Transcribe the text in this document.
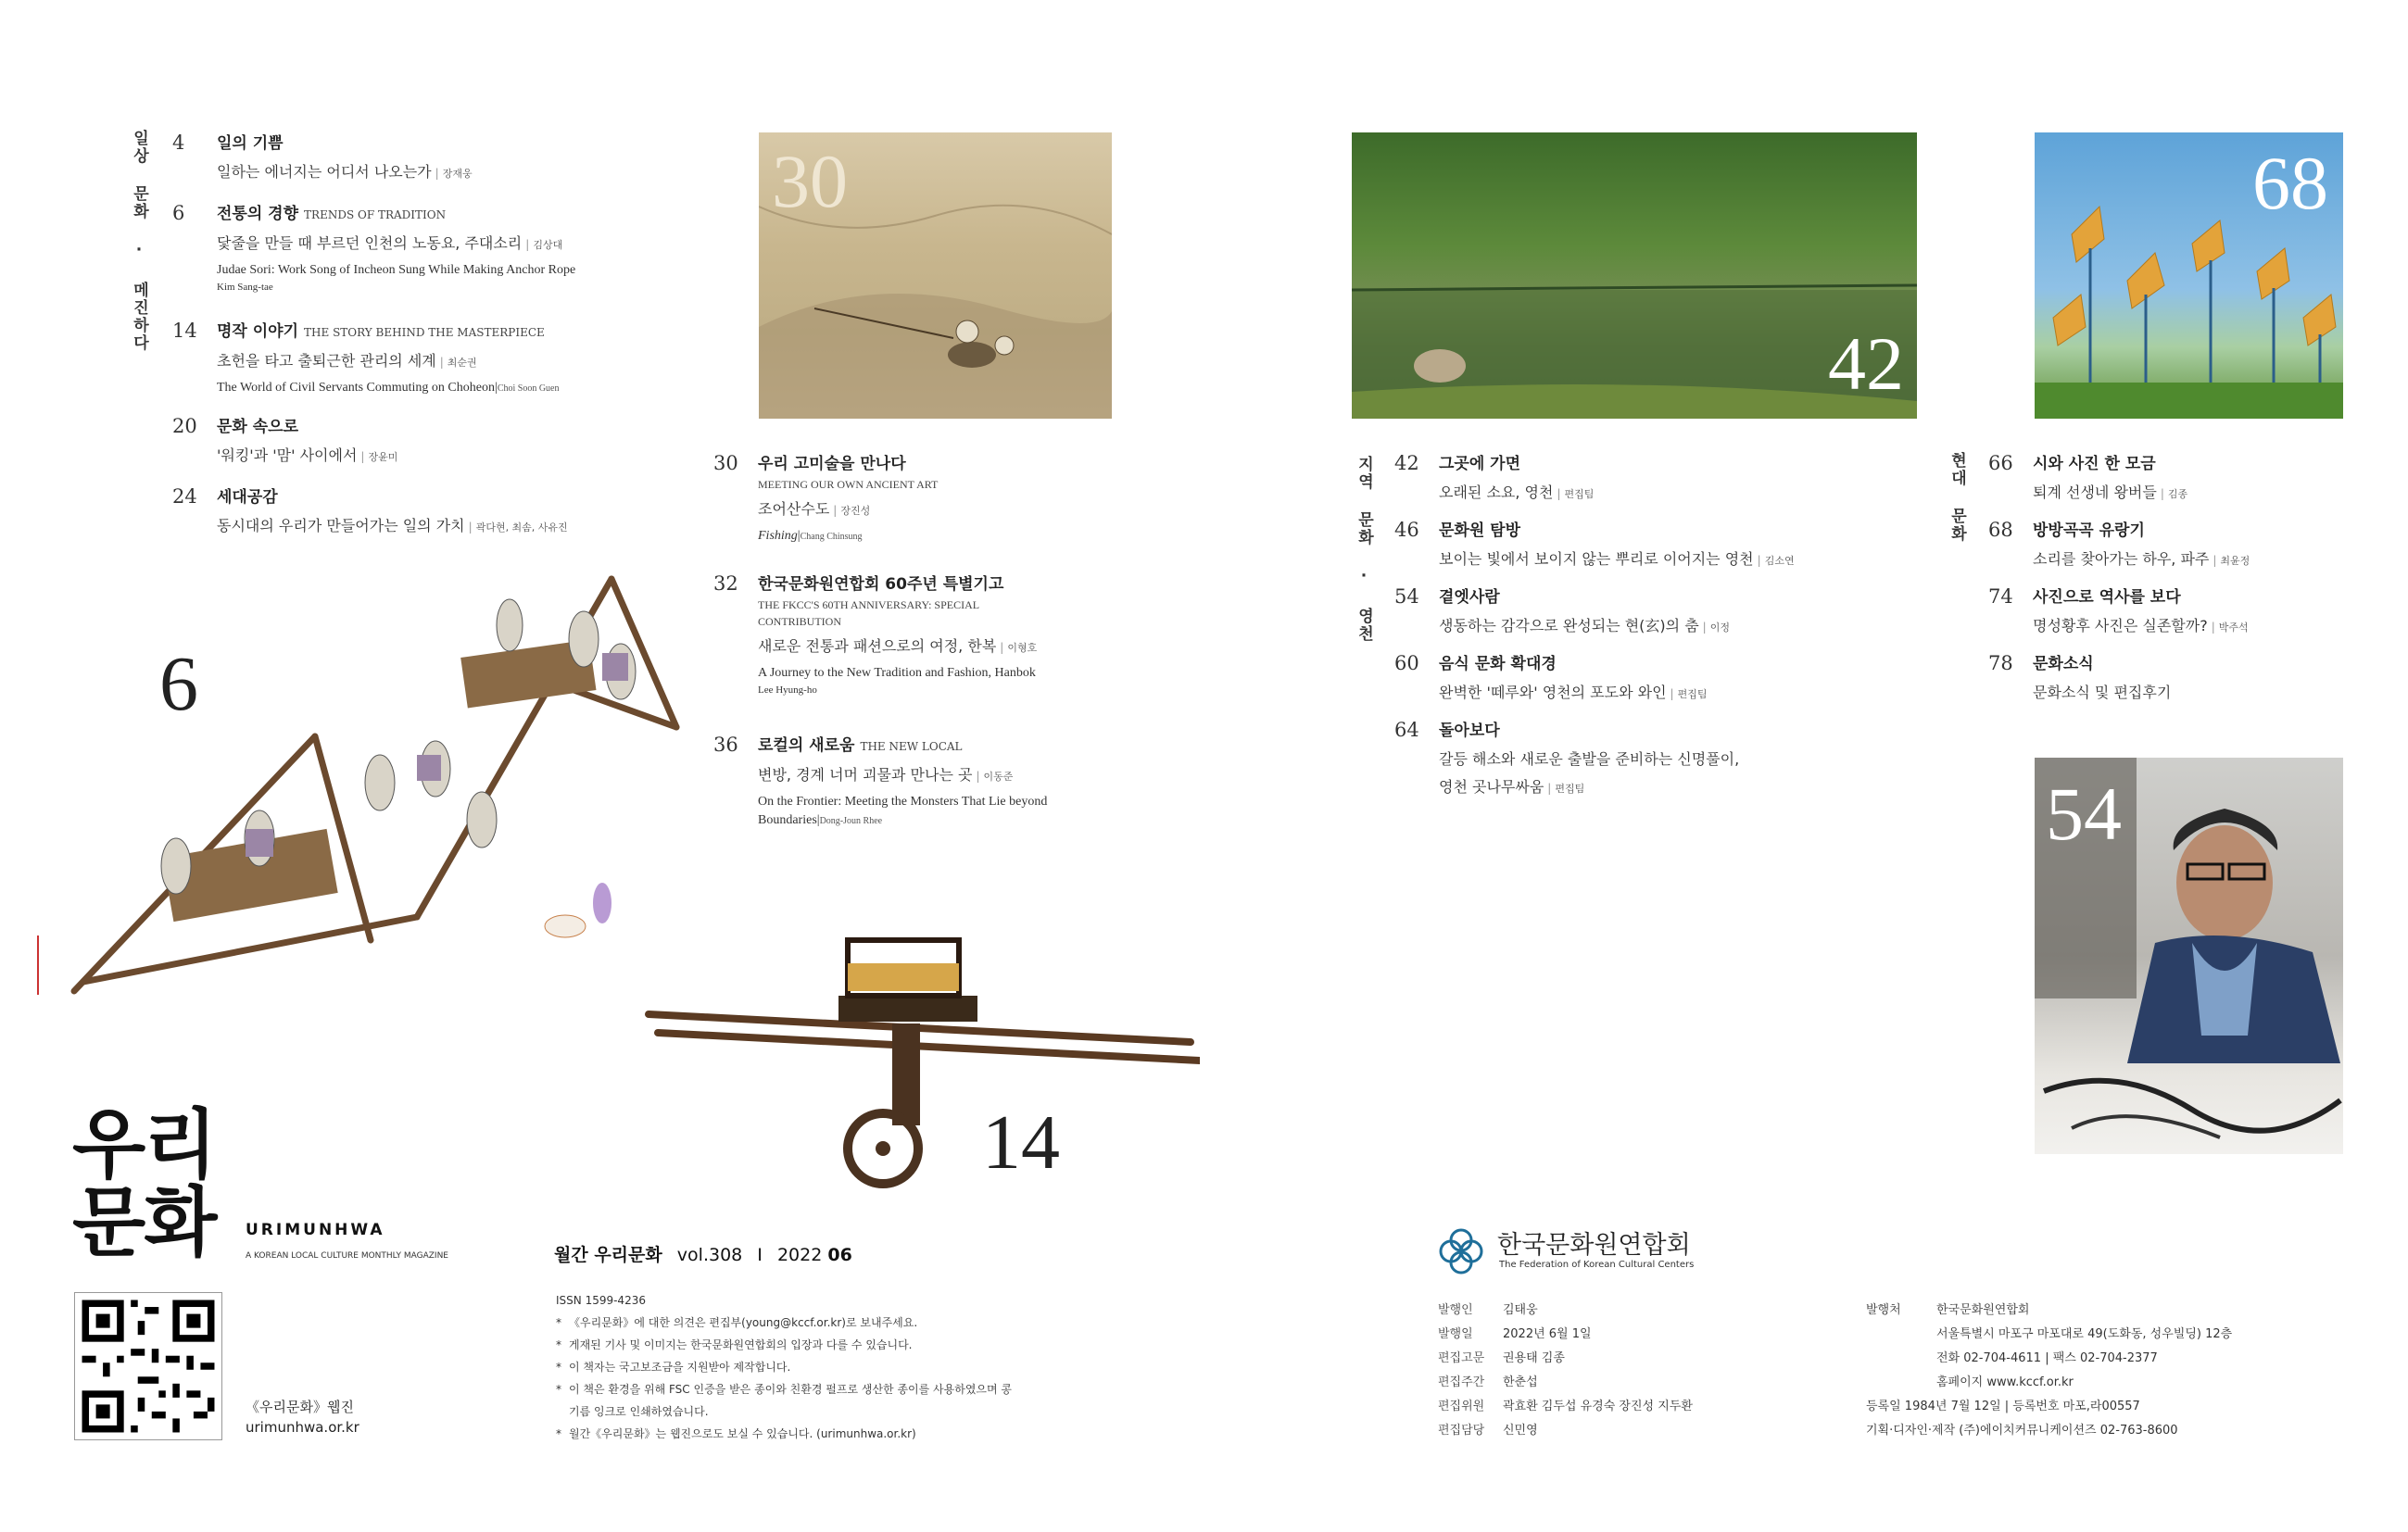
일상 문화 · 메진하다 4 일의 기쁨
일하는 에너지는 어디서 나오는가 | 장재웅
6 전통의 경향 TRENDS OF TRADITION
닻줄을 만들 때 부르던 인천의 노동요, 주대소리 | 김상대
Judae Sori: Work Song of Incheon Sung While Making Anchor Rope
Kim Sang-tae
14 명작 이야기 THE STORY BEHIND THE MASTERPIECE
초헌을 타고 출퇴근한 관리의 세계 | 최순권
The World of Civil Servants Commuting on Choheon|Choi Soon Guen
20 문화 속으로
'워킹'과 '맘' 사이에서 | 장윤미
24 세대공감
동시대의 우리가 만들어가는 일의 가치 | 곽다현, 최솜, 사유진
6
30
30 우리 고미술을 만나다
MEETING OUR OWN ANCIENT ART
조어산수도 | 장진성
Fishing|Chang Chinsung
32 한국문화원연합회 60주년 특별기고
THE FKCC'S 60TH ANNIVERSARY: SPECIAL CONTRIBUTION
새로운 전통과 패션으로의 여정, 한복 | 이형호
A Journey to the New Tradition and Fashion, Hanbok
Lee Hyung-ho
36 로컬의 새로움 THE NEW LOCAL
변방, 경계 너머 괴물과 만나는 곳 | 이동준
On the Frontier: Meeting the Monsters That Lie beyond Boundaries|Dong-Joun Rhee
14
42
지역 문화 · 영천 42 그곳에 가면
오래된 소요, 영천 | 편집팀
46 문화원 탐방
보이는 빛에서 보이지 않는 뿌리로 이어지는 영천 | 김소연
54 곁엣사람
생동하는 감각으로 완성되는 현(玄)의 춤 | 이정
60 음식 문화 확대경
완벽한 '떼루와' 영천의 포도와 와인 | 편집팀
64 돌아보다
갈등 해소와 새로운 출발을 준비하는 신명풀이,
영천 곳나무싸움 | 편집팀
68
현대 문화 66 시와 사진 한 모금
퇴계 선생네 왕버들 | 김종
68 방방곡곡 유랑기
소리를 찾아가는 하우, 파주 | 최윤정
74 사진으로 역사를 보다
명성황후 사진은 실존할까? | 박주석
78 문화소식
문화소식 및 편집후기
54
우리
문화 URIMUNHWA
A KOREAN LOCAL CULTURE MONTHLY MAGAZINE	월간 우리문화 vol.308 I 2022 06
《우리문화》웹진
urimunhwa.or.kr
ISSN 1599-4236
* 《우리문화》에 대한 의견은 편집부(young@kccf.or.kr)로 보내주세요.
* 게재된 기사 및 이미지는 한국문화원연합회의 입장과 다를 수 있습니다.
* 이 책자는 국고보조금을 지원받아 제작합니다.
* 이 책은 환경을 위해 FSC 인증을 받은 종이와 친환경 펄프로 생산한 종이를 사용하였으며 콩기름 잉크로 인쇄하였습니다.
* 월간《우리문화》는 웹진으로도 보실 수 있습니다. (urimunhwa.or.kr)
한국문화원연합회
The Federation of Korean Cultural Centers
발행인 김태웅
발행일 2022년 6월 1일
편집고문 권용태 김종
편집주간 한춘섭
편집위원 곽효환 김두섭 유경숙 장진성 지두환
편집담당 신민영
발행처	한국문화원연합회
서울특별시 마포구 마포대로 49(도화동, 성우빌딩) 12층
전화 02-704-4611 | 팩스 02-704-2377
홈페이지 www.kccf.or.kr
등록일 1984년 7월 12일 | 등록번호 마포,라00557
기획·디자인·제작 (주)에이치커뮤니케이션즈 02-763-8600
